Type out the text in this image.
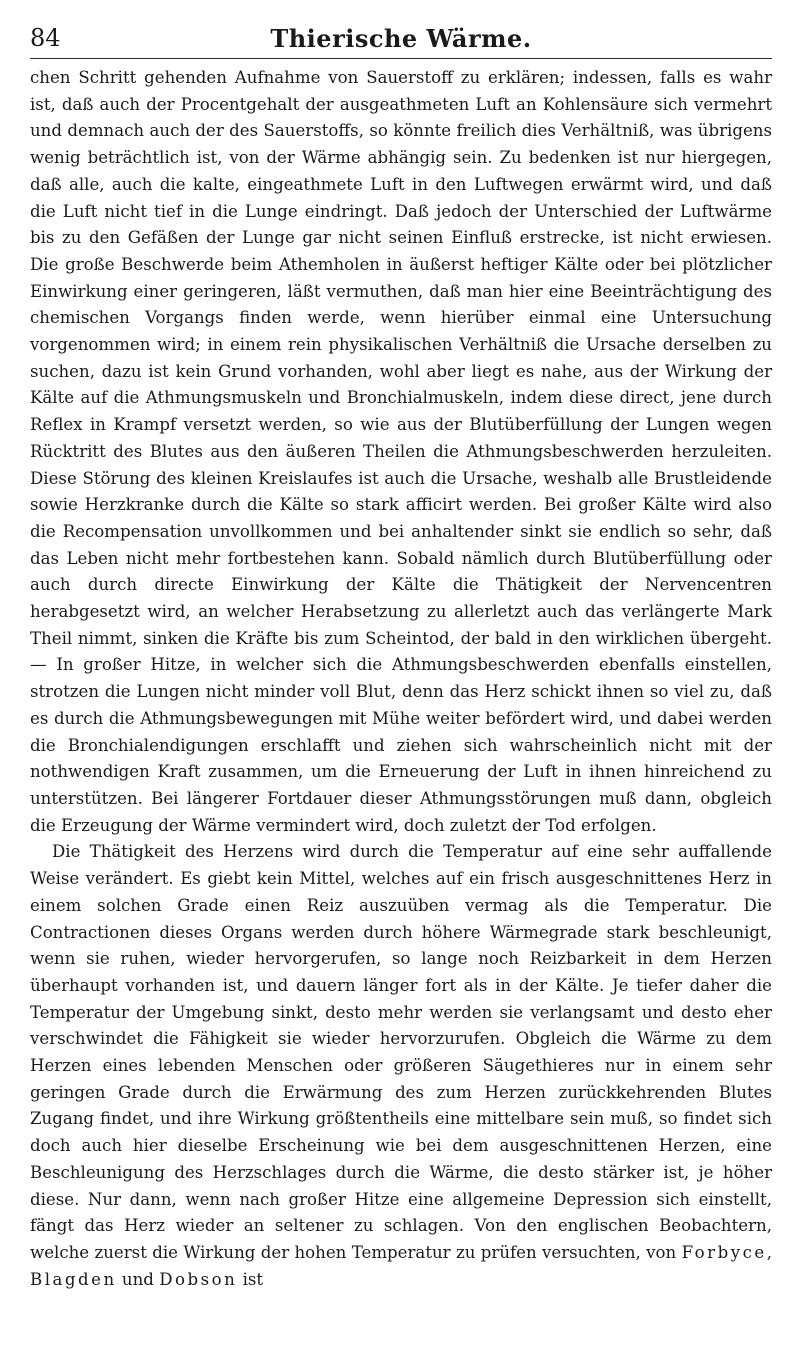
84	Thierische Wärme.

chen Schritt gehenden Aufnahme von Sauerstoff zu erklären; indessen, falls es wahr ist, daß auch der Procentgehalt der ausgeathmeten Luft an Kohlensäure sich vermehrt und demnach auch der des Sauerstoffs, so könnte freilich dies Verhältniß, was übrigens wenig beträchtlich ist, von der Wärme abhängig sein. Zu bedenken ist nur hiergegen, daß alle, auch die kalte, eingeathmete Luft in den Luftwegen erwärmt wird, und daß die Luft nicht tief in die Lunge eindringt. Daß jedoch der Unterschied der Luftwärme bis zu den Gefäßen der Lunge gar nicht seinen Einfluß erstrecke, ist nicht erwiesen. Die große Beschwerde beim Athemholen in äußerst heftiger Kälte oder bei plötzlicher Einwirkung einer geringeren, läßt vermuthen, daß man hier eine Beeinträchtigung des chemischen Vorgangs finden werde, wenn hierüber einmal eine Untersuchung vorgenommen wird; in einem rein physikalischen Verhältniß die Ursache derselben zu suchen, dazu ist kein Grund vorhanden, wohl aber liegt es nahe, aus der Wirkung der Kälte auf die Athmungsmuskeln und Bronchialmuskeln, indem diese direct, jene durch Reflex in Krampf versetzt werden, so wie aus der Blutüberfüllung der Lungen wegen Rücktritt des Blutes aus den äußeren Theilen die Athmungsbeschwerden herzuleiten. Diese Störung des kleinen Kreislaufes ist auch die Ursache, weshalb alle Brustleidende sowie Herzkranke durch die Kälte so stark afficirt werden. Bei großer Kälte wird also die Recompensation unvollkommen und bei anhaltender sinkt sie endlich so sehr, daß das Leben nicht mehr fortbestehen kann. Sobald nämlich durch Blutüberfüllung oder auch durch directe Einwirkung der Kälte die Thätigkeit der Nervencentren herabgesetzt wird, an welcher Herabsetzung zu allerletzt auch das verlängerte Mark Theil nimmt, sinken die Kräfte bis zum Scheintod, der bald in den wirklichen übergeht. — In großer Hitze, in welcher sich die Athmungsbeschwerden ebenfalls einstellen, strotzen die Lungen nicht minder voll Blut, denn das Herz schickt ihnen so viel zu, daß es durch die Athmungsbewegungen mit Mühe weiter befördert wird, und dabei werden die Bronchialendigungen erschlafft und ziehen sich wahrscheinlich nicht mit der nothwendigen Kraft zusammen, um die Erneuerung der Luft in ihnen hinreichend zu unterstützen. Bei längerer Fortdauer dieser Athmungsstörungen muß dann, obgleich die Erzeugung der Wärme vermindert wird, doch zuletzt der Tod erfolgen.

Die Thätigkeit des Herzens wird durch die Temperatur auf eine sehr auffallende Weise verändert. Es giebt kein Mittel, welches auf ein frisch ausgeschnittenes Herz in einem solchen Grade einen Reiz auszuüben vermag als die Temperatur. Die Contractionen dieses Organs werden durch höhere Wärmegrade stark beschleunigt, wenn sie ruhen, wieder hervorgerufen, so lange noch Reizbarkeit in dem Herzen überhaupt vorhanden ist, und dauern länger fort als in der Kälte. Je tiefer daher die Temperatur der Umgebung sinkt, desto mehr werden sie verlangsamt und desto eher verschwindet die Fähigkeit sie wieder hervorzurufen. Obgleich die Wärme zu dem Herzen eines lebenden Menschen oder größeren Säugethieres nur in einem sehr geringen Grade durch die Erwärmung des zum Herzen zurückkehrenden Blutes Zugang findet, und ihre Wirkung größtentheils eine mittelbare sein muß, so findet sich doch auch hier dieselbe Erscheinung wie bei dem ausgeschnittenen Herzen, eine Beschleunigung des Herzschlages durch die Wärme, die desto stärker ist, je höher diese. Nur dann, wenn nach großer Hitze eine allgemeine Depression sich einstellt, fängt das Herz wieder an seltener zu schlagen. Von den englischen Beobachtern, welche zuerst die Wirkung der hohen Temperatur zu prüfen versuchten, von Forbyce, Blagden und Dobson ist
